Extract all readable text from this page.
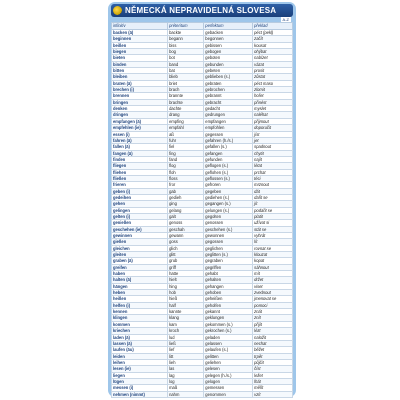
NĚMECKÁ NEPRAVIDELNÁ SLOVESA
A-Z
infinitiv	préteritum	perfektum	překlad
backen (ä)	backte	gebacken	péct (pekl)
beginnen	begann	begonnen	začít
beißen	biss	gebissen	kousat
biegen	bog	gebogen	ohýbat
bieten	bot	geboten	nabízet
binden	band	gebunden	vázat
bitten	bat	gebeten	prosit
bleiben	blieb	geblieben (s.)	zůstat
braten (ä)	briet	gebraten	péct maso
brechen (i)	brach	gebrochen	zlomit
brennen	brannte	gebrannt	hořet
bringen	brachte	gebracht	přinést
denken	dachte	gedacht	myslet
dringen	drang	gedrungen	naléhat
empfangen (ä)	empfing	empfangen	přijmout
empfehlen (ie)	empfahl	empfohlen	doporučit
essen (i)	aß	gegessen	jíst
fahren (ä)	fuhr	gefahren (h./s.)	jet
fallen (ä)	fiel	gefallen (s.)	spadnout
fangen (ä)	fing	gefangen	chytit
finden	fand	gefunden	najít
fliegen	flog	geflogen (s.)	létat
fliehen	floh	geflohen (s.)	prchat
fließen	floss	geflossen (s.)	téci
frieren	fror	gefroren	mrznout
geben (i)	gab	gegeben	dát
gedeihen	gedieh	gediehen (s.)	dařit se
gehen	ging	gegangen (s.)	jít
gelingen	gelang	gelungen (s.)	podařit se
gelten (i)	galt	gegolten	platit
genießen	genoss	genossen	užívat si
geschehen (ie)	geschah	geschehen (s.)	stát se
gewinnen	gewann	gewonnen	vyhrát
gießen	goss	gegossen	lít
gleichen	glich	geglichen	rovnat se
gleiten	glitt	geglitten (s.)	klouzat
graben (ä)	grub	gegraben	kopat
greifen	griff	gegriffen	sáhnout
haben	hatte	gehabt	mít
halten (ä)	hielt	gehalten	držet
hängen	hing	gehangen	viset
heben	hob	gehoben	zvednout
heißen	hieß	geheißen	jmenovat se
helfen (i)	half	geholfen	pomoci
kennen	kannte	gekannt	znát
klingen	klang	geklungen	znít
kommen	kam	gekommen (s.)	přijít
kriechen	kroch	gekrochen (s.)	lézt
laden (ä)	lud	geladen	naložit
lassen (ä)	ließ	gelassen	nechat
laufen (äu)	lief	gelaufen (s.)	běžet
leiden	litt	gelitten	trpět
leihen	lieh	geliehen	půjčit
lesen (ie)	las	gelesen	číst
liegen	lag	gelegen (h./s.)	ležet
lügen	log	gelogen	lhát
messen (i)	maß	gemessen	měřit
nehmen (nimmt)	nahm	genommen	vzít
